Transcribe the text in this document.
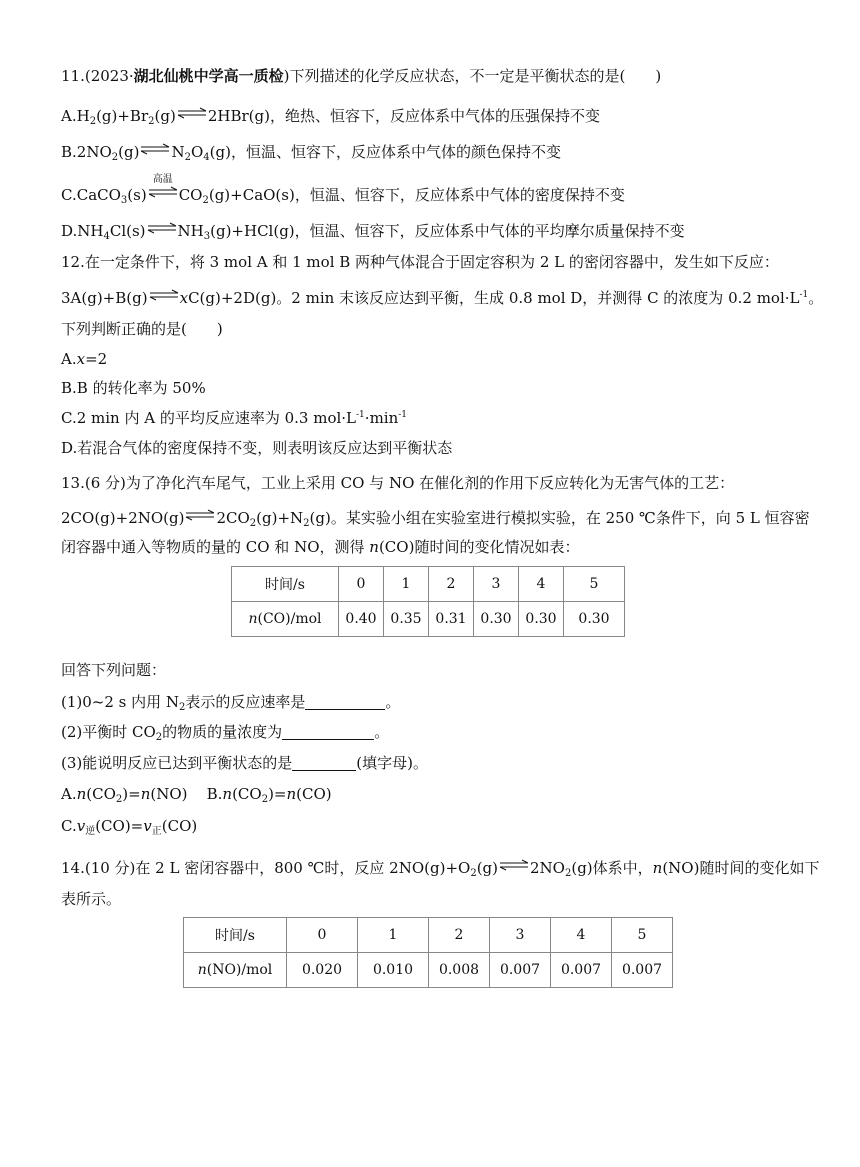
11.(2023·湖北仙桃中学高一质检)下列描述的化学反应状态，不一定是平衡状态的是(　　)
$A.H_2(g)+Br_2(g)\rightleftharpoons 2HBr(g)$，绝热、恒容下，反应体系中气体的压强保持不变
$B.2NO_2(g)\rightleftharpoons N_2O_4(g)$，恒温、恒容下，反应体系中气体的颜色保持不变
C.CaCO$_3$(s)
高温
$CO_2(g)+CaO(s)$，恒温、恒容下，反应体系中气体的密度保持不变
$D.NH_4Cl(s)\rightleftharpoons NH_3(g)+HCl(g)$，恒温、恒容下，反应体系中气体的平均摩尔质量保持不变
12.在一定条件下，将 3 mol A 和 1 mol B 两种气体混合于固定容积为 2 L 的密闭容器中，发生如下反应：
3A(g)+B(g)⇌xC(g)+2D(g)。2 min 末该反应达到平衡，生成 0.8 mol D，并测得 C 的浓度为 0.2 $mol\cdot L^{-1}$。
下列判断正确的是(　　)
A.x=2
B.B 的转化率为 50%
C.2 min 内 A 的平均反应速率为 0.3 $mol\cdot L^{-1}\cdot\min^{-1}$
D.若混合气体的密度保持不变，则表明该反应达到平衡状态
13.(6 分)为了净化汽车尾气，工业上采用 CO 与 NO 在催化剂的作用下反应转化为无害气体的工艺：
$2CO(g)+2NO(g)\rightleftharpoons 2CO_2(g)+N_2(g)$。某实验小组在实验室进行模拟实验，在 250 ℃条件下，向 5 L 恒容密
闭容器中通入等物质的量的 CO 和 NO，测得 n(CO)随时间的变化情况如表：
时间/s	0	1	2	3	4	5
n(CO)/mol	0.40	0.35	0.31	0.30	0.30	0.30
回答下列问题：
(1)0~2 s 内用 $N_2$表示的反应速率是	。
(2)平衡时 $CO_2$的物质的量浓度为	。
(3)能说明反应已达到平衡状态的是	(填字母)。
$A.n(CO_2)=n(NO)$    $B.n(CO_2)=n(CO)$
$C.v_逆(CO)=v_正(CO)$
14.(10 分)在 2 L 密闭容器中，800 ℃时，反应 $2NO(g)+O_2(g)\rightleftharpoons 2NO_2(g)$体系中，n(NO)随时间的变化如下
表所示。
时间/s	0	1	2	3	4	5
n(NO)/mol	0.020	0.010	0.008	0.007	0.007	0.007
